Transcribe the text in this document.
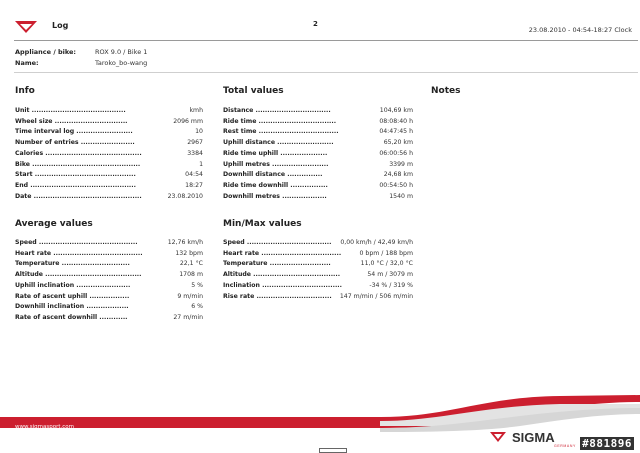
Log	2
23.08.2010 - 04:54-18:27 Clock
Appliance / bike:	ROX 9.0 / Bike 1
Name:	Taroko_bo-wang
Info	Total values	Notes
Unit ........................................	kmh
Wheel size ...............................	2096 mm
Time interval log ........................	10
Number of entries .......................	2967
Calories .........................................	3384
Bike ..............................................	1
Start ...........................................	04:54
End .............................................	18:27
Date ..............................................	23.08.2010
Distance ................................	104,69 km
Ride time .................................	08:08:40 h
Rest time ..................................	04:47:45 h
Uphill distance ........................	65,20 km
Ride time uphill ....................	06:00:56 h
Uphill metres ........................	3399 m
Downhill distance ...............	24,68 km
Ride time downhill ................	00:54:50 h
Downhill metres ...................	1540 m
Average values	Min/Max values
Speed ..........................................	12,76 km/h
Heart rate ......................................	132 bpm
Temperature .............................	22,1 °C
Altitude .........................................	1708 m
Uphill inclination .......................	5 %
Rate of ascent uphill .................	9 m/min
Downhill inclination ..................	6 %
Rate of ascent downhill ............	27 m/min
Speed .................................... 0,00 km/h / 42,49 km/h
Heart rate ..................................	0 bpm / 188 bpm
Temperature ..........................	11,0 °C / 32,0 °C
Altitude .....................................	54 m / 3079 m
Inclination ..................................	-34 % / 319 %
Rise rate ................................ 147 m/min / 506 m/min
www.sigmasport.com
SIGMA
GERMANY #881896
